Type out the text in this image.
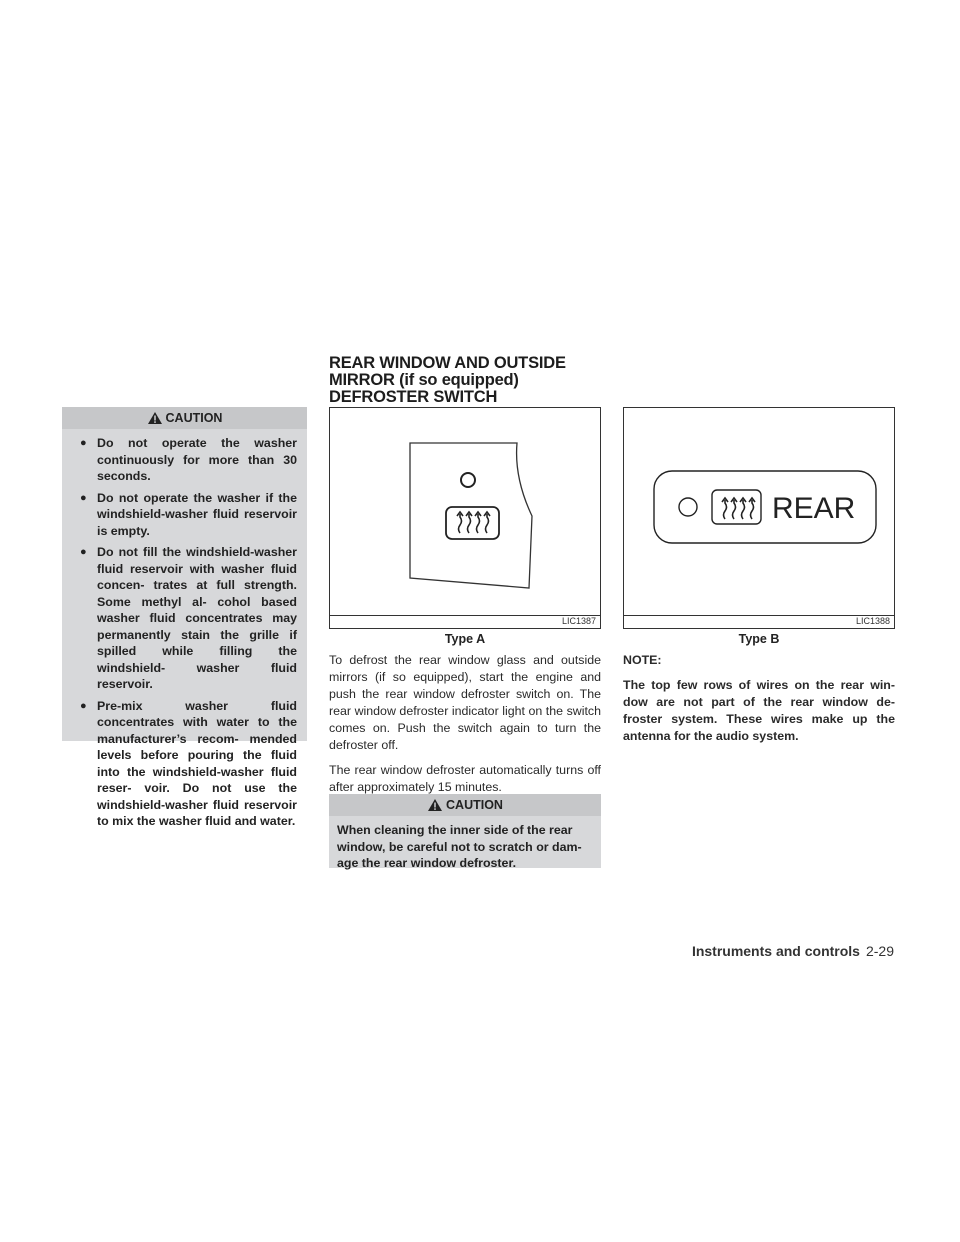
CAUTION
● Do not operate the washer continuously for more than 30 seconds.
● Do not operate the washer if the windshield-washer fluid reservoir is empty.
● Do not fill the windshield-washer fluid reservoir with washer fluid concen- trates at full strength. Some methyl al- cohol based washer fluid concentrates may permanently stain the grille if spilled while filling the windshield- washer fluid reservoir.
● Pre-mix washer fluid concentrates with water to the manufacturer’s recom- mended levels before pouring the fluid into the windshield-washer fluid reser- voir. Do not use the windshield-washer fluid reservoir to mix the washer fluid and water.
REAR WINDOW AND OUTSIDE
MIRROR (if so equipped)
DEFROSTER SWITCH
LIC1387
Type A
REAR
LIC1388
Type B

To defrost the rear window glass and outside mirrors (if so equipped), start the engine and push the rear window defroster switch on. The rear window defroster indicator light on the switch comes on. Push the switch again to turn the defroster off.

The rear window defroster automatically turns off after approximately 15 minutes.

CAUTION
When cleaning the inner side of the rear window, be careful not to scratch or dam- age the rear window defroster.

NOTE:

The top few rows of wires on the rear win- dow are not part of the rear window de- froster system. These wires make up the antenna for the audio system.

Instruments and controls 2-29
